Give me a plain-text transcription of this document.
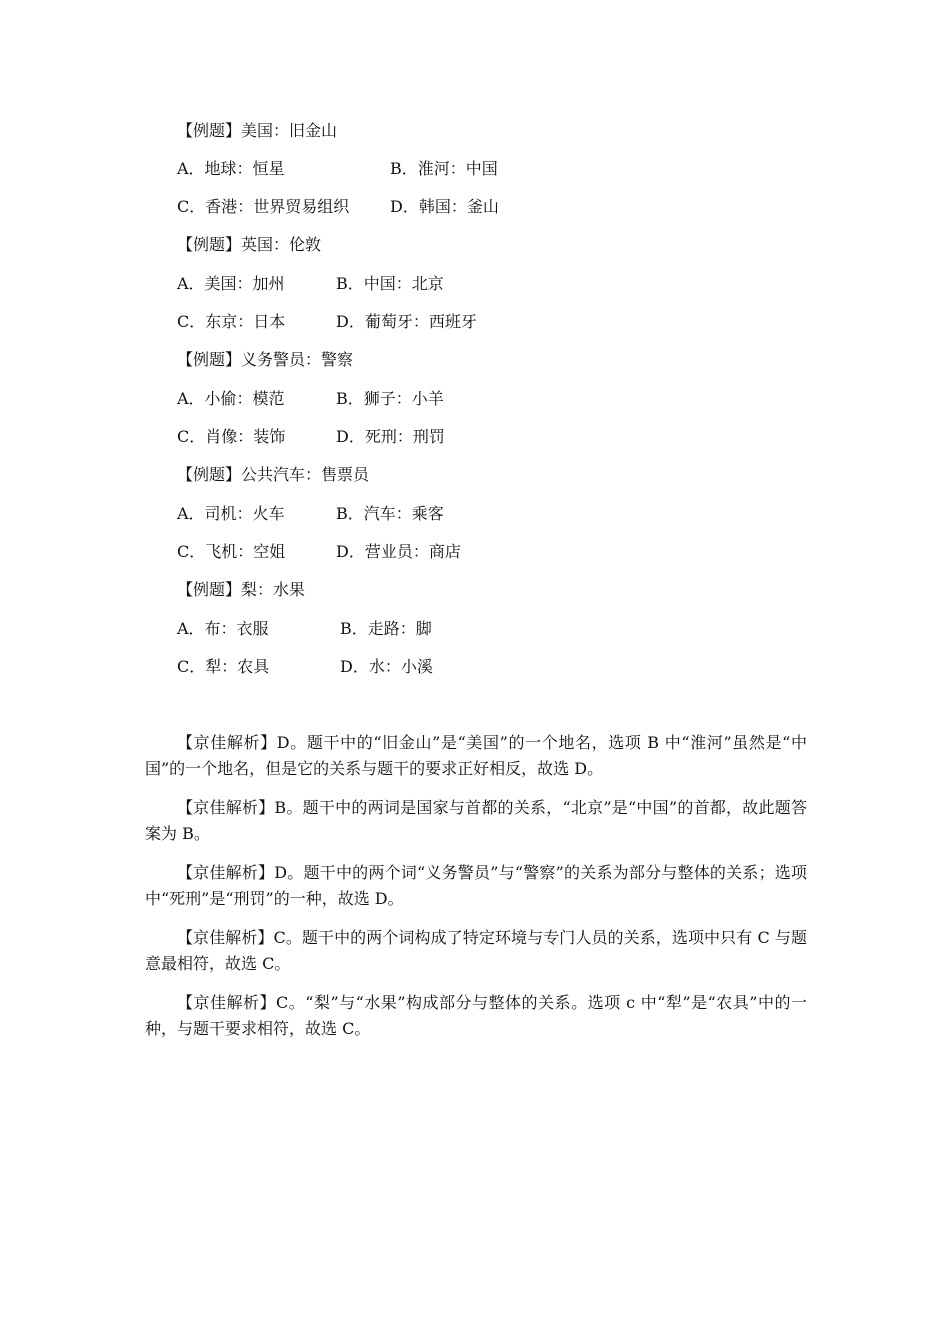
【例题】美国：旧金山
A．地球：恒星	B．淮河：中国
C．香港：世界贸易组织	D．韩国：釜山
【例题】英国：伦敦
A．美国：加州	B．中国：北京
C．东京：日本	D．葡萄牙：西班牙
【例题】义务警员：警察
A．小偷：模范	B．狮子：小羊
C．肖像：装饰	D．死刑：刑罚
【例题】公共汽车：售票员
A．司机：火车	B．汽车：乘客
C．飞机：空姐	D．营业员：商店
【例题】梨：水果
A．布：衣服	B．走路：脚
C．犁：农具	D．水：小溪

【京佳解析】D。题干中的“旧金山”是“美国”的一个地名，选项 B 中“淮河”虽然是“中国”的一个地名，但是它的关系与题干的要求正好相反，故选 D。

【京佳解析】B。题干中的两词是国家与首都的关系，“北京”是“中国”的首都，故此题答案为 B。

【京佳解析】D。题干中的两个词“义务警员”与“警察”的关系为部分与整体的关系；选项中“死刑”是“刑罚”的一种，故选 D。

【京佳解析】C。题干中的两个词构成了特定环境与专门人员的关系，选项中只有 C 与题意最相符，故选 C。

【京佳解析】C。“梨”与“水果”构成部分与整体的关系。选项 c 中“犁”是“农具”中的一种，与题干要求相符，故选 C。
